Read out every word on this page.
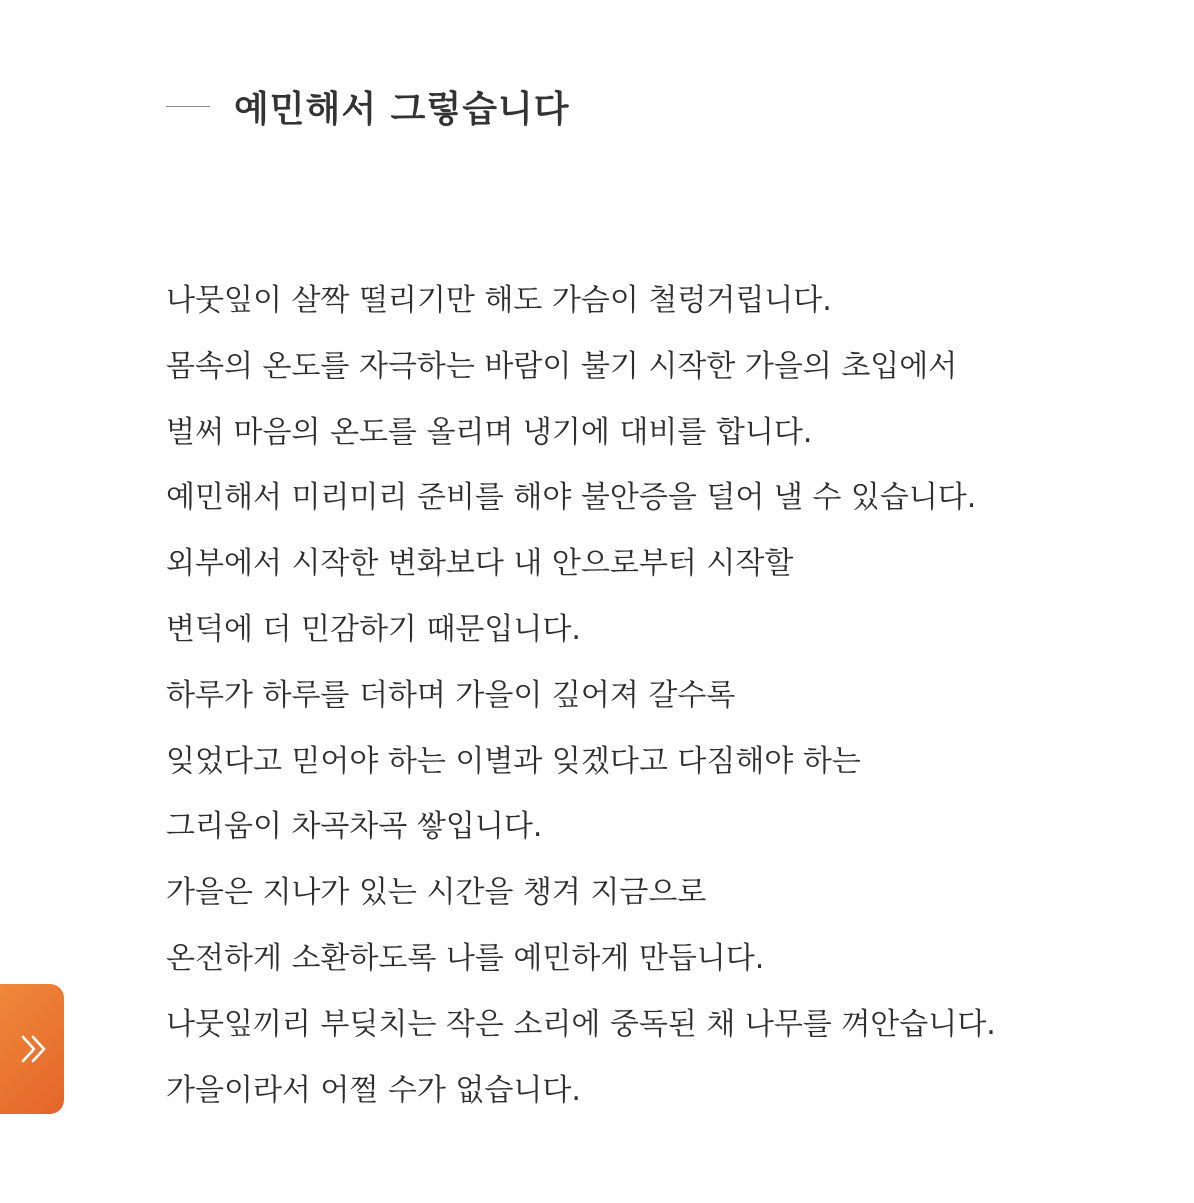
예민해서 그렇습니다
나뭇잎이 살짝 떨리기만 해도 가슴이 철렁거립니다.
몸속의 온도를 자극하는 바람이 불기 시작한 가을의 초입에서
벌써 마음의 온도를 올리며 냉기에 대비를 합니다.
예민해서 미리미리 준비를 해야 불안증을 덜어 낼 수 있습니다.
외부에서 시작한 변화보다 내 안으로부터 시작할
변덕에 더 민감하기 때문입니다.
하루가 하루를 더하며 가을이 깊어져 갈수록
잊었다고 믿어야 하는 이별과 잊겠다고 다짐해야 하는
그리움이 차곡차곡 쌓입니다.
가을은 지나가 있는 시간을 챙겨 지금으로
온전하게 소환하도록 나를 예민하게 만듭니다.
나뭇잎끼리 부딪치는 작은 소리에 중독된 채 나무를 껴안습니다.
가을이라서 어쩔 수가 없습니다.
